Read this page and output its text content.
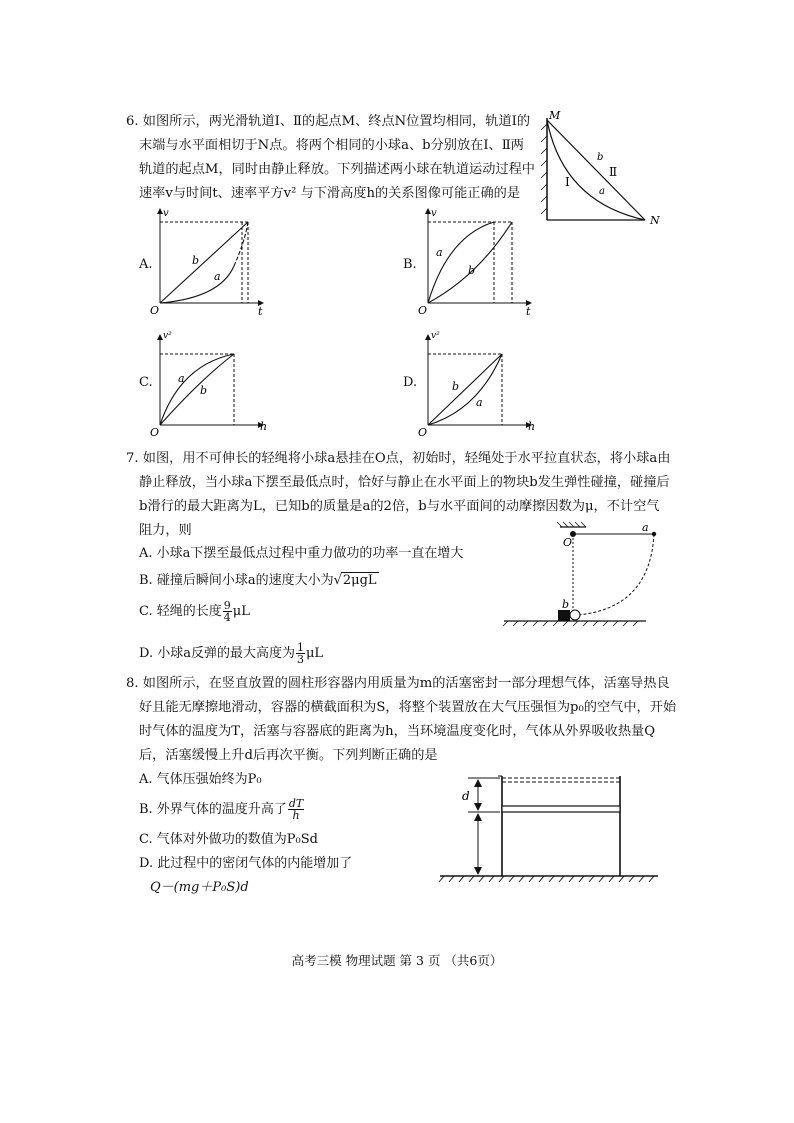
6. 如图所示，两光滑轨道Ⅰ、Ⅱ的起点M、终点N位置均相同，轨道Ⅰ的
末端与水平面相切于N点。将两个相同的小球a、b分别放在Ⅰ、Ⅱ两
轨道的起点M，同时由静止释放。下列描述两小球在轨道运动过程中
速率v与时间t、速率平方v² 与下滑高度h的关系图像可能正确的是
M
N
Ⅰ
Ⅱ
a
b
A.
v
t
O
b
a
B.
v
t
O
a
b
C.
v²
h
O
a
b
D.
v²
h
O
b
a
7. 如图，用不可伸长的轻绳将小球a悬挂在O点，初始时，轻绳处于水平拉直状态，将小球a由
静止释放，当小球a下摆至最低点时，恰好与静止在水平面上的物块b发生弹性碰撞，碰撞后
b滑行的最大距离为L，已知b的质量是a的2倍，b与水平面间的动摩擦因数为μ，不计空气
阻力，则
A. 小球a下摆至最低点过程中重力做功的功率一直在增大
B. 碰撞后瞬间小球a的速度大小为√2μgL
C. 轻绳的长度 $\frac{9}{4}$ μL
D. 小球a反弹的最大高度为 $\frac{1}{3}$ μL
O
a
b
8. 如图所示，在竖直放置的圆柱形容器内用质量为m的活塞密封一部分理想气体，活塞导热良
好且能无摩擦地滑动，容器的横截面积为S，将整个装置放在大气压强恒为p₀的空气中，开始
时气体的温度为T，活塞与容器底的距离为h，当环境温度变化时，气体从外界吸收热量Q
后，活塞缓慢上升d后再次平衡。下列判断正确的是
A. 气体压强始终为P₀
B. 外界气体的温度升高了 $\frac{dT}{h}$
C. 气体对外做功的数值为P₀Sd
D. 此过程中的密闭气体的内能增加了
Q－(mg＋P₀S)d
d
高考三模 物理试题 第 3 页 （共6页）
